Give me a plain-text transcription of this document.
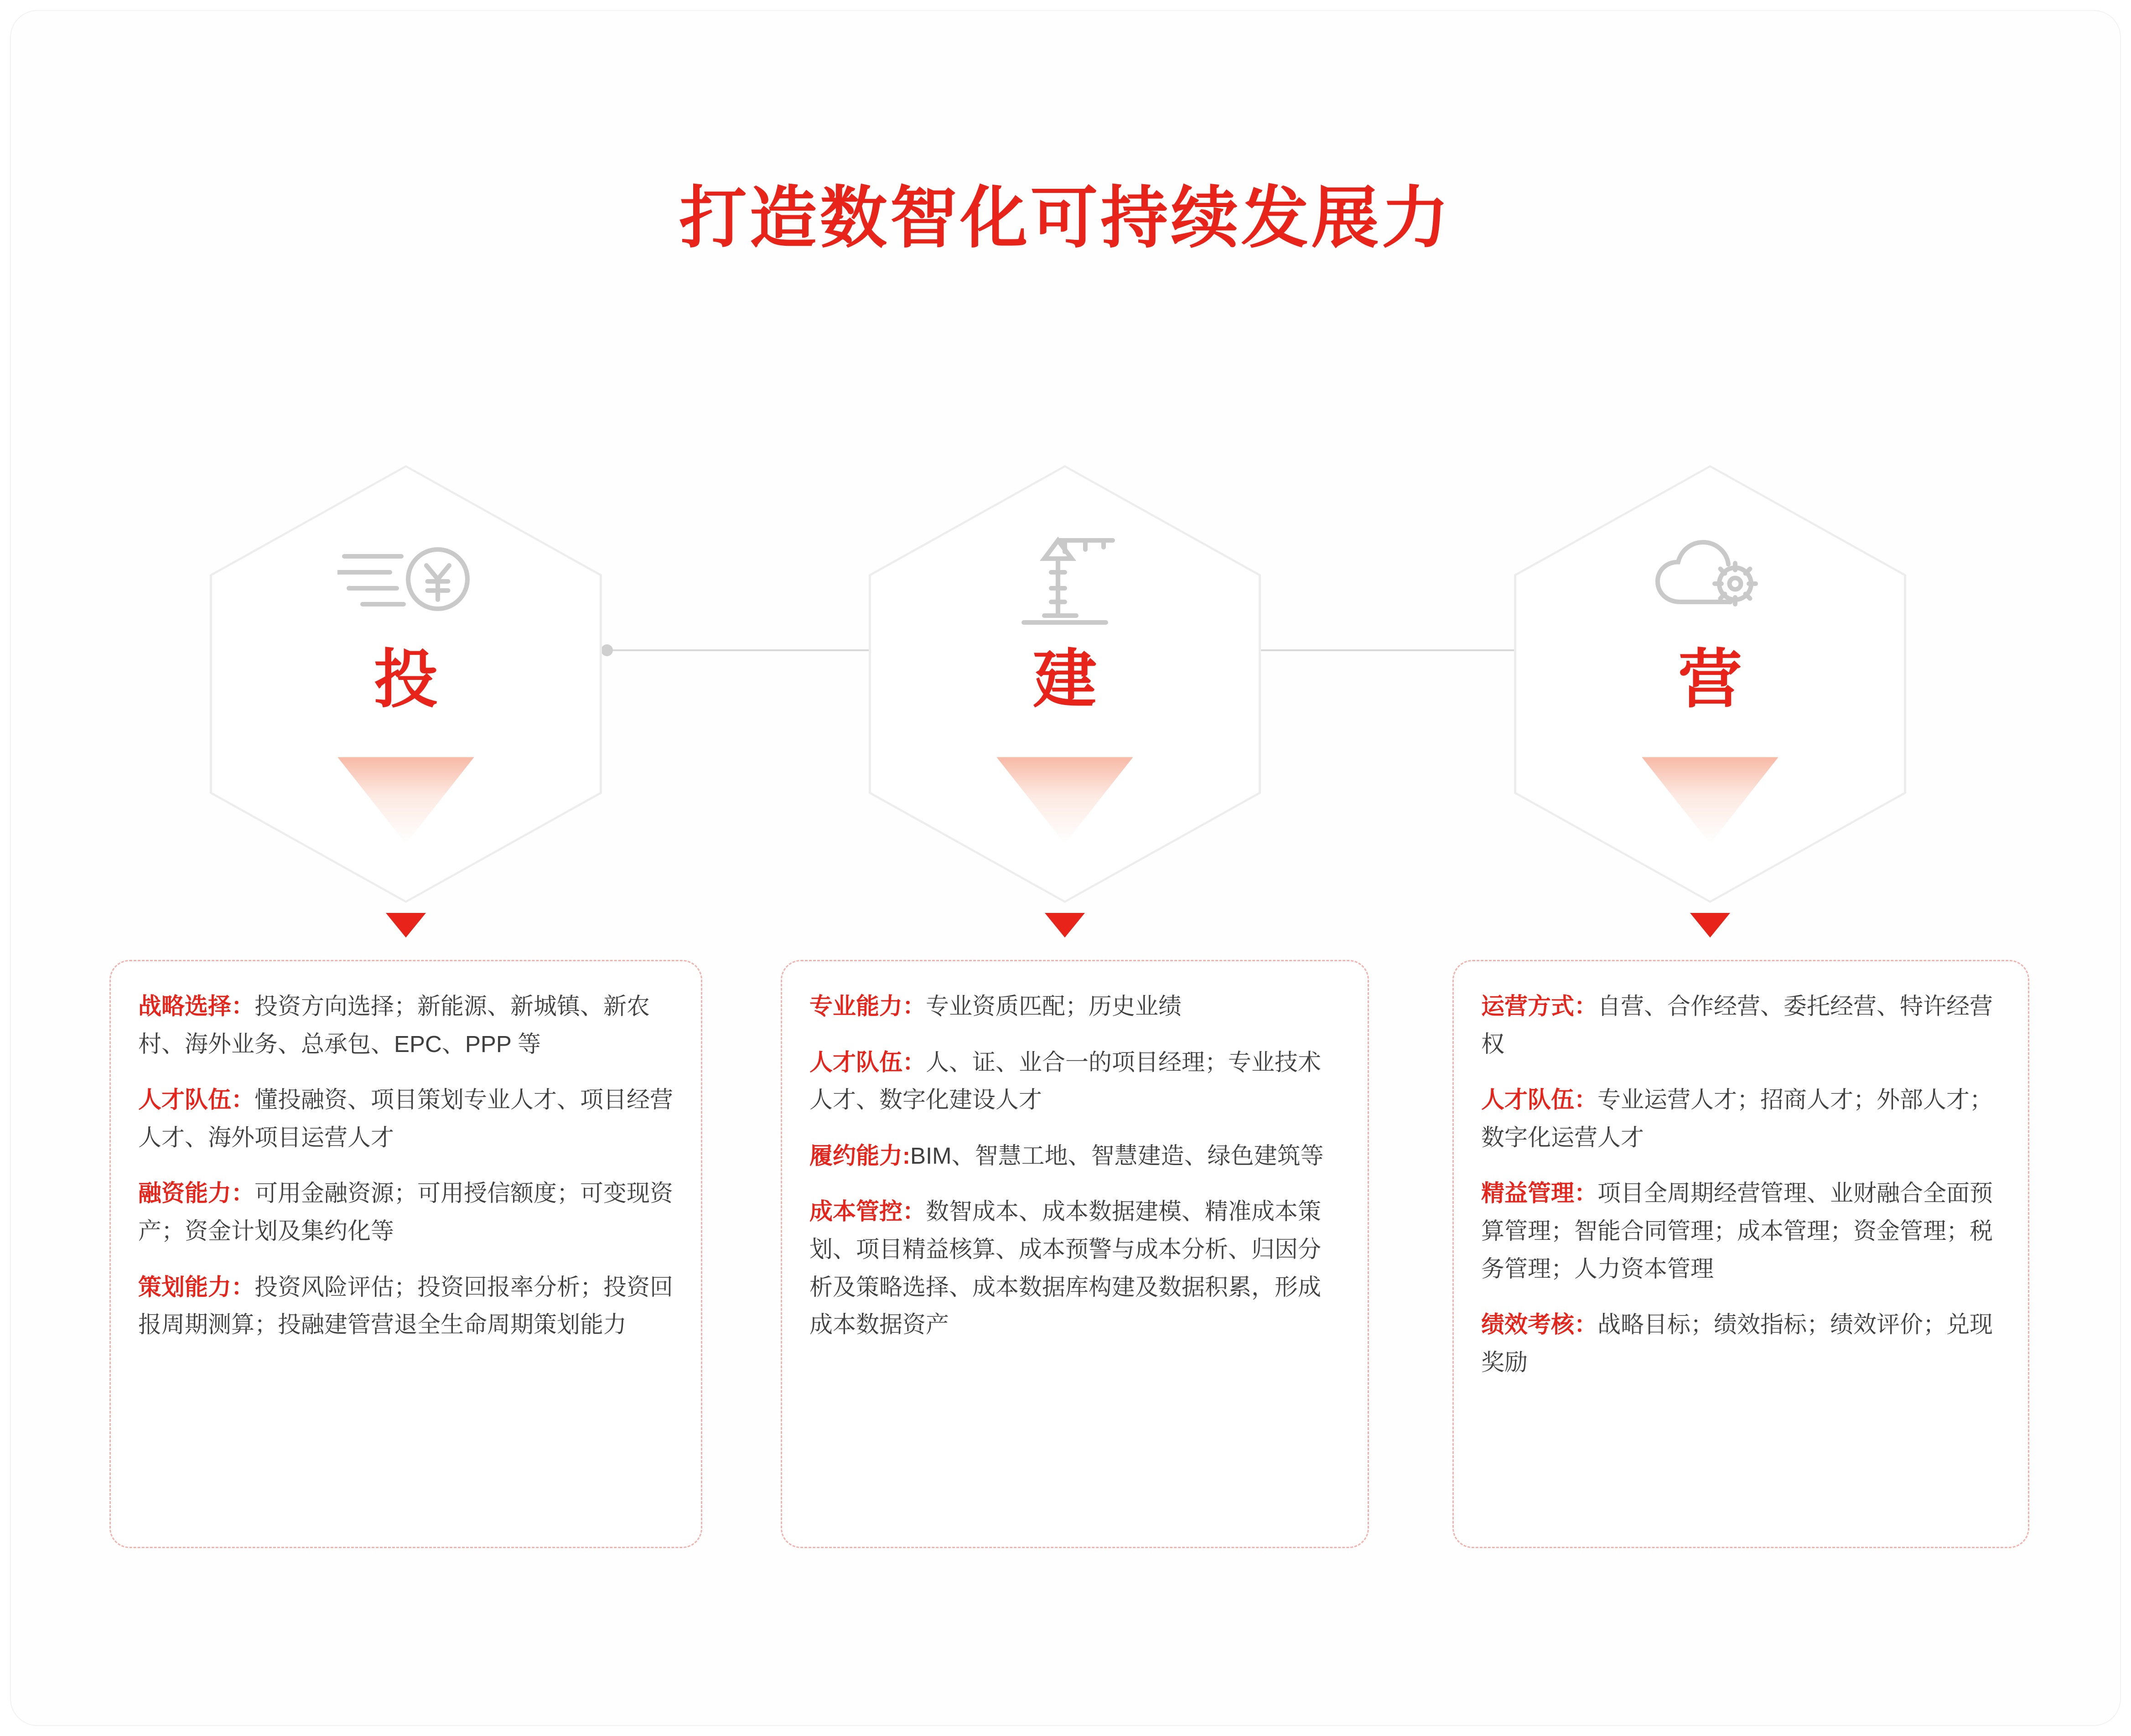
打造数智化可持续发展力
投

战略选择：投资方向选择；新能源、新城镇、新农村、海外业务、总承包、EPC、PPP 等

人才队伍：懂投融资、项目策划专业人才、项目经营人才、海外项目运营人才

融资能力：可用金融资源；可用授信额度；可变现资产；资金计划及集约化等

策划能力：投资风险评估；投资回报率分析；投资回报周期测算；投融建管营退全生命周期策划能力

建

专业能力：专业资质匹配；历史业绩

人才队伍：人、证、业合一的项目经理；专业技术人才、数字化建设人才

履约能力:BIM、智慧工地、智慧建造、绿色建筑等

成本管控：数智成本、成本数据建模、精准成本策划、项目精益核算、成本预警与成本分析、归因分析及策略选择、成本数据库构建及数据积累，形成成本数据资产

营

运营方式：自营、合作经营、委托经营、特许经营权

人才队伍：专业运营人才；招商人才；外部人才；数字化运营人才

精益管理：项目全周期经营管理、业财融合全面预算管理；智能合同管理；成本管理；资金管理；税务管理；人力资本管理

绩效考核：战略目标；绩效指标；绩效评价；兑现奖励
